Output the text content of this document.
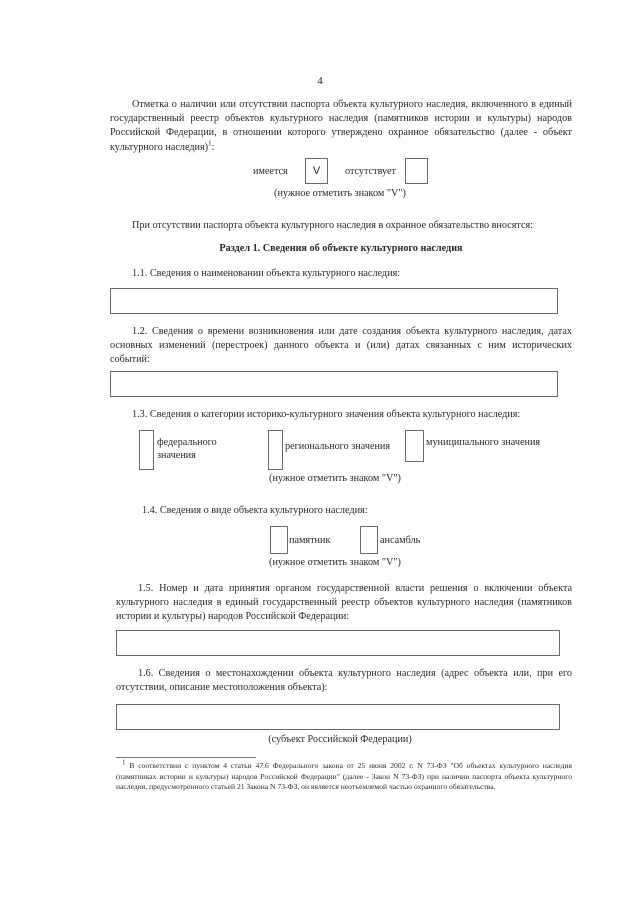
4
Отметка о наличии или отсутствии паспорта объекта культурного наследия, включенного в единый государственный реестр объектов культурного наследия (памятников истории и культуры) народов Российской Федерации, в отношении которого утверждено охранное обязательство (далее - объект культурного наследия)$^1$:
имеется	V	отсутствует
(нужное отметить знаком "V")
При отсутствии паспорта объекта культурного наследия в охранное обязательство вносятся:
Раздел 1. Сведения об объекте культурного наследия
1.1. Сведения о наименовании объекта культурного наследия:
1.2. Сведения о времени возникновения или дате создания объекта культурного наследия, датах основных изменений (перестроек) данного объекта и (или) датах связанных с ним исторических событий:
1.3. Сведения о категории историко-культурного значения объекта культурного наследия:
федерального значения
регионального значения	муниципального значения
(нужное отметить знаком "V")
1.4. Сведения о виде объекта культурного наследия:
памятник	ансамбль
(нужное отметить знаком "V")
1.5. Номер и дата принятия органом государственной власти решения о включении объекта культурного наследия в единый государственный реестр объектов культурного наследия (памятников истории и культуры) народов Российской Федерации:
1.6. Сведения о местонахождении объекта культурного наследия (адрес объекта или, при его отсутствии, описание местоположения объекта):
(субъект Российской Федерации)
$^1$ В соответствии с пунктом 4 статьи 47.6 Федерального закона от 25 июня 2002 г. N 73-ФЗ "Об объектах культурного наследия (памятниках истории и культуры) народов Российской Федерации" (далее - Закон N 73-ФЗ) при наличии паспорта объекта культурного наследия, предусмотренного статьей 21 Закона N 73-ФЗ, он является неотъемлемой частью охранного обязательства.
